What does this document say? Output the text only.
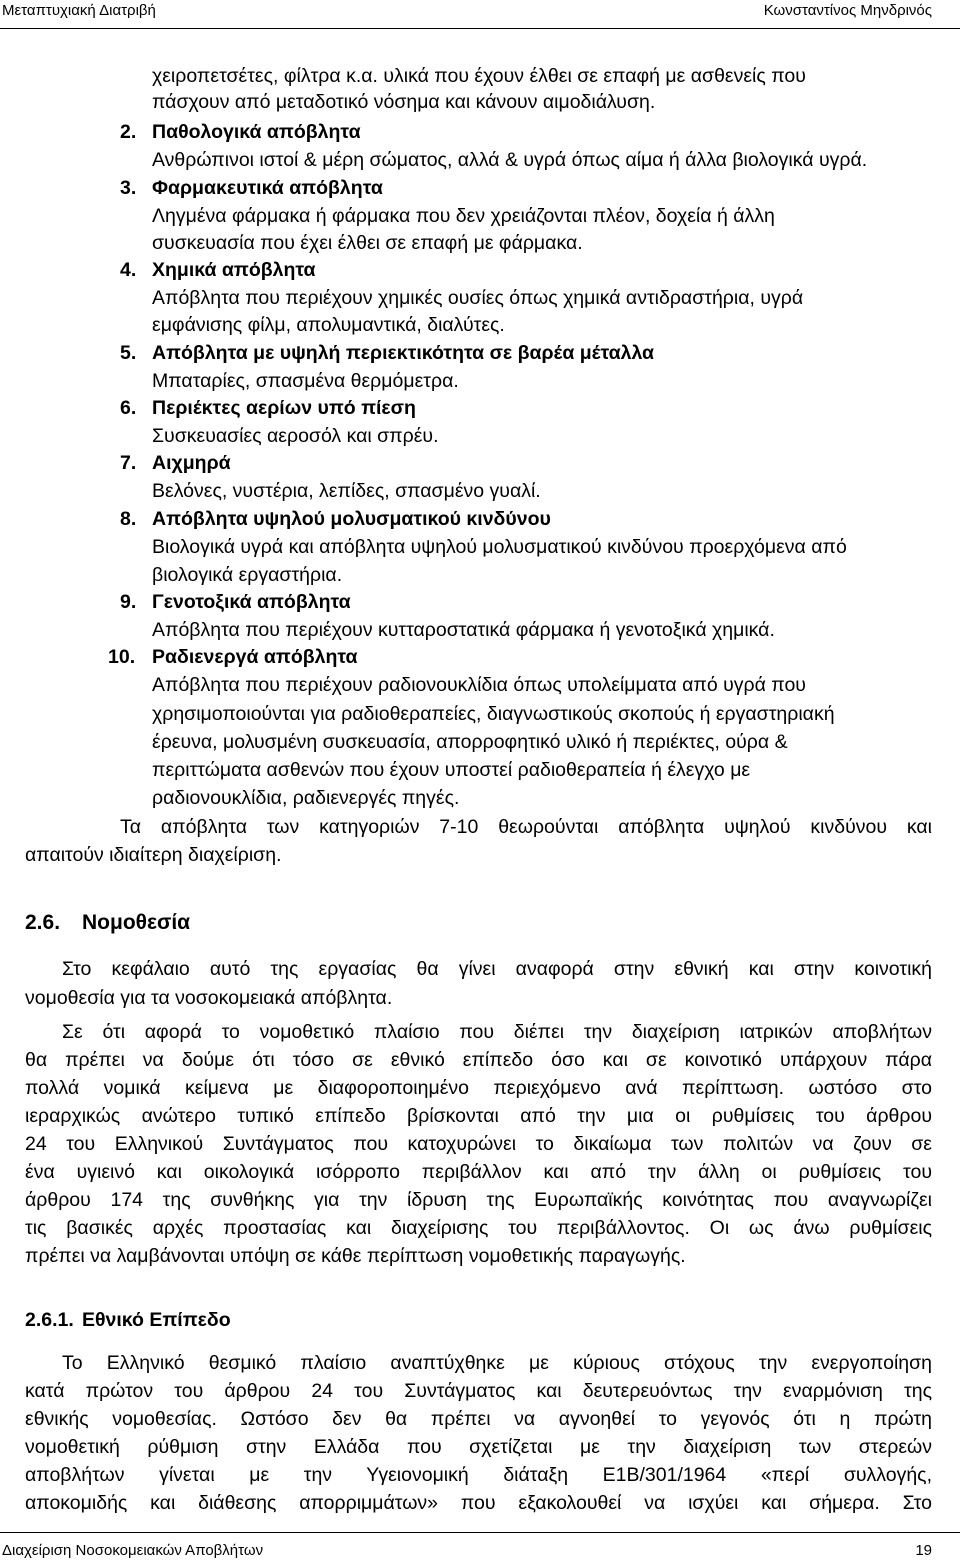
Μεταπτυχιακή Διατριβή	Κωνσταντίνος Μηνδρινός
χειροπετσέτες, φίλτρα κ.α. υλικά που έχουν έλθει σε επαφή με ασθενείς που
πάσχουν από μεταδοτικό νόσημα και κάνουν αιμοδιάλυση.
2. Παθολογικά απόβλητα
Ανθρώπινοι ιστοί & μέρη σώματος, αλλά & υγρά όπως αίμα ή άλλα βιολογικά υγρά.
3. Φαρμακευτικά απόβλητα
Ληγμένα φάρμακα ή φάρμακα που δεν χρειάζονται πλέον, δοχεία ή άλλη
συσκευασία που έχει έλθει σε επαφή με φάρμακα.
4. Χημικά απόβλητα
Απόβλητα που περιέχουν χημικές ουσίες όπως χημικά αντιδραστήρια, υγρά
εμφάνισης φίλμ, απολυμαντικά, διαλύτες.
5. Απόβλητα με υψηλή περιεκτικότητα σε βαρέα μέταλλα
Μπαταρίες, σπασμένα θερμόμετρα.
6. Περιέκτες αερίων υπό πίεση
Συσκευασίες αεροσόλ και σπρέυ.
7. Αιχμηρά
Βελόνες, νυστέρια, λεπίδες, σπασμένο γυαλί.
8. Απόβλητα υψηλού μολυσματικού κινδύνου
Βιολογικά υγρά και απόβλητα υψηλού μολυσματικού κινδύνου προερχόμενα από
βιολογικά εργαστήρια.
9. Γενοτοξικά απόβλητα
Απόβλητα που περιέχουν κυτταροστατικά φάρμακα ή γενοτοξικά χημικά.
10. Ραδιενεργά απόβλητα
Απόβλητα που περιέχουν ραδιονουκλίδια όπως υπολείμματα από υγρά που
χρησιμοποιούνται για ραδιοθεραπείες, διαγνωστικούς σκοπούς ή εργαστηριακή
έρευνα, μολυσμένη συσκευασία, απορροφητικό υλικό ή περιέκτες, ούρα &
περιττώματα ασθενών που έχουν υποστεί ραδιοθεραπεία ή έλεγχο με
ραδιονουκλίδια, ραδιενεργές πηγές.
Τα απόβλητα των κατηγοριών 7-10 θεωρούνται απόβλητα υψηλού κινδύνου και
απαιτούν ιδιαίτερη διαχείριση.
2.6. Νομοθεσία
Στο κεφάλαιο αυτό της εργασίας θα γίνει αναφορά στην εθνική και στην κοινοτική
νομοθεσία για τα νοσοκομειακά απόβλητα.
Σε ότι αφορά το νομοθετικό πλαίσιο που διέπει την διαχείριση ιατρικών αποβλήτων
θα πρέπει να δούμε ότι τόσο σε εθνικό επίπεδο όσο και σε κοινοτικό υπάρχουν πάρα
πολλά νομικά κείμενα με διαφοροποιημένο περιεχόμενο ανά περίπτωση. ωστόσο στο
ιεραρχικώς ανώτερο τυπικό επίπεδο βρίσκονται από την μια οι ρυθμίσεις του άρθρου
24 του Ελληνικού Συντάγματος που κατοχυρώνει το δικαίωμα των πολιτών να ζουν σε
ένα υγιεινό και οικολογικά ισόρροπο περιβάλλον και από την άλλη οι ρυθμίσεις του
άρθρου 174 της συνθήκης για την ίδρυση της Ευρωπαϊκής κοινότητας που αναγνωρίζει
τις βασικές αρχές προστασίας και διαχείρισης του περιβάλλοντος. Οι ως άνω ρυθμίσεις
πρέπει να λαμβάνονται υπόψη σε κάθε περίπτωση νομοθετικής παραγωγής.
2.6.1. Εθνικό Επίπεδο
Το Ελληνικό θεσμικό πλαίσιο αναπτύχθηκε με κύριους στόχους την ενεργοποίηση
κατά πρώτον του άρθρου 24 του Συντάγματος και δευτερευόντως την εναρμόνιση της
εθνικής νομοθεσίας. Ωστόσο δεν θα πρέπει να αγνοηθεί το γεγονός ότι η πρώτη
νομοθετική ρύθμιση στην Ελλάδα που σχετίζεται με την διαχείριση των στερεών
αποβλήτων γίνεται με την Υγειονομική διάταξη Ε1Β/301/1964 «περί συλλογής,
αποκομιδής και διάθεσης απορριμμάτων» που εξακολουθεί να ισχύει και σήμερα. Στο
Διαχείριση Νοσοκομειακών Αποβλήτων	19
